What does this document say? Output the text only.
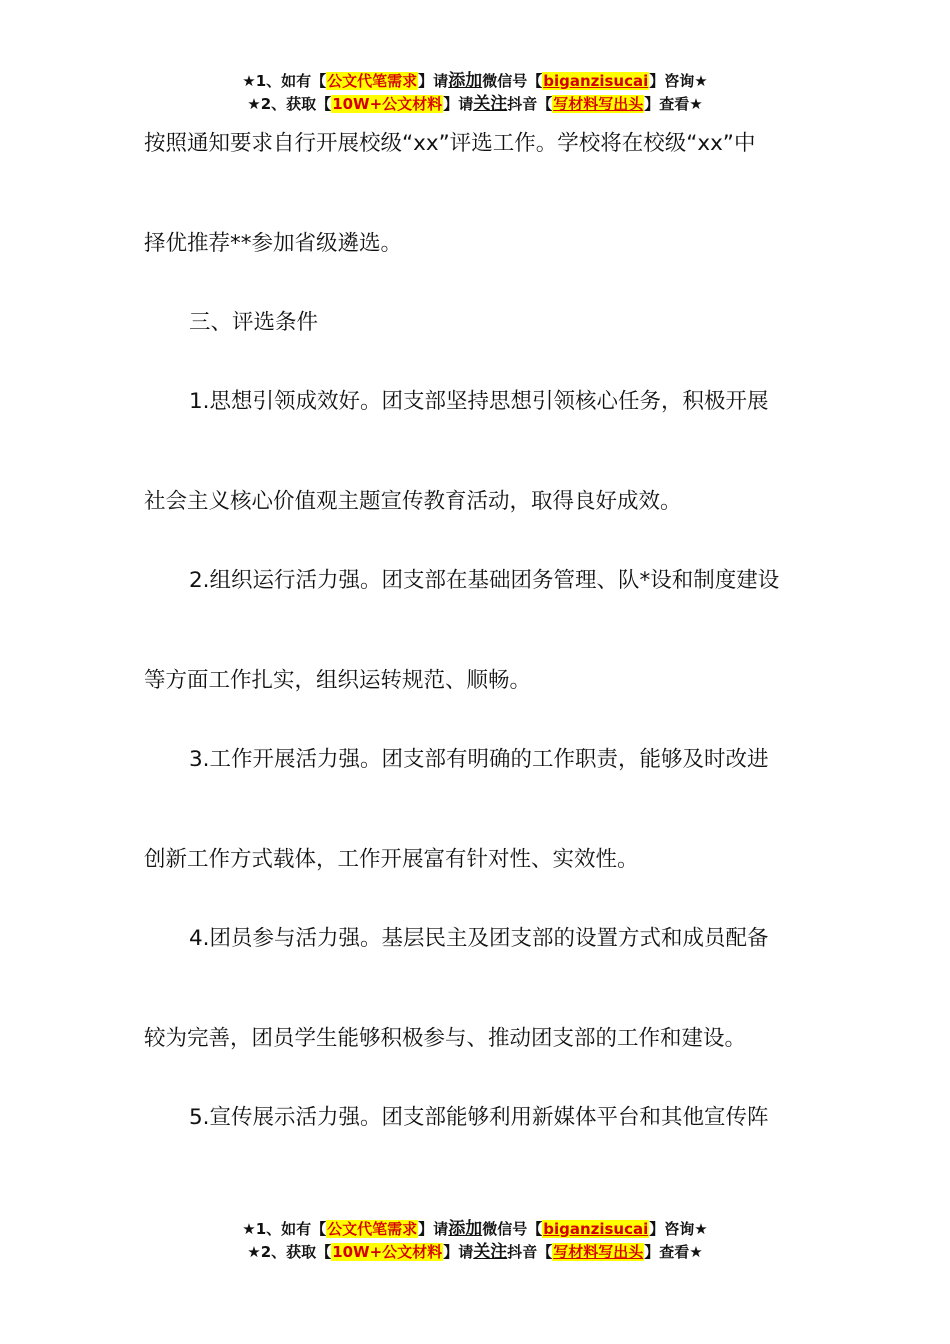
★1、如有【公文代笔需求】请添加微信号【biganzisucai】咨询★
★2、获取【10W+公文材料】请关注抖音【写材料写出头】查看★
按照通知要求自行开展校级“xx”评选工作。学校将在校级“xx”中
择优推荐**参加省级遴选。
三、评选条件
1.思想引领成效好。团支部坚持思想引领核心任务，积极开展
社会主义核心价值观主题宣传教育活动，取得良好成效。
2.组织运行活力强。团支部在基础团务管理、队*设和制度建设
等方面工作扎实，组织运转规范、顺畅。
3.工作开展活力强。团支部有明确的工作职责，能够及时改进
创新工作方式载体，工作开展富有针对性、实效性。
4.团员参与活力强。基层民主及团支部的设置方式和成员配备
较为完善，团员学生能够积极参与、推动团支部的工作和建设。
5.宣传展示活力强。团支部能够利用新媒体平台和其他宣传阵
★1、如有【公文代笔需求】请添加微信号【biganzisucai】咨询★
★2、获取【10W+公文材料】请关注抖音【写材料写出头】查看★
